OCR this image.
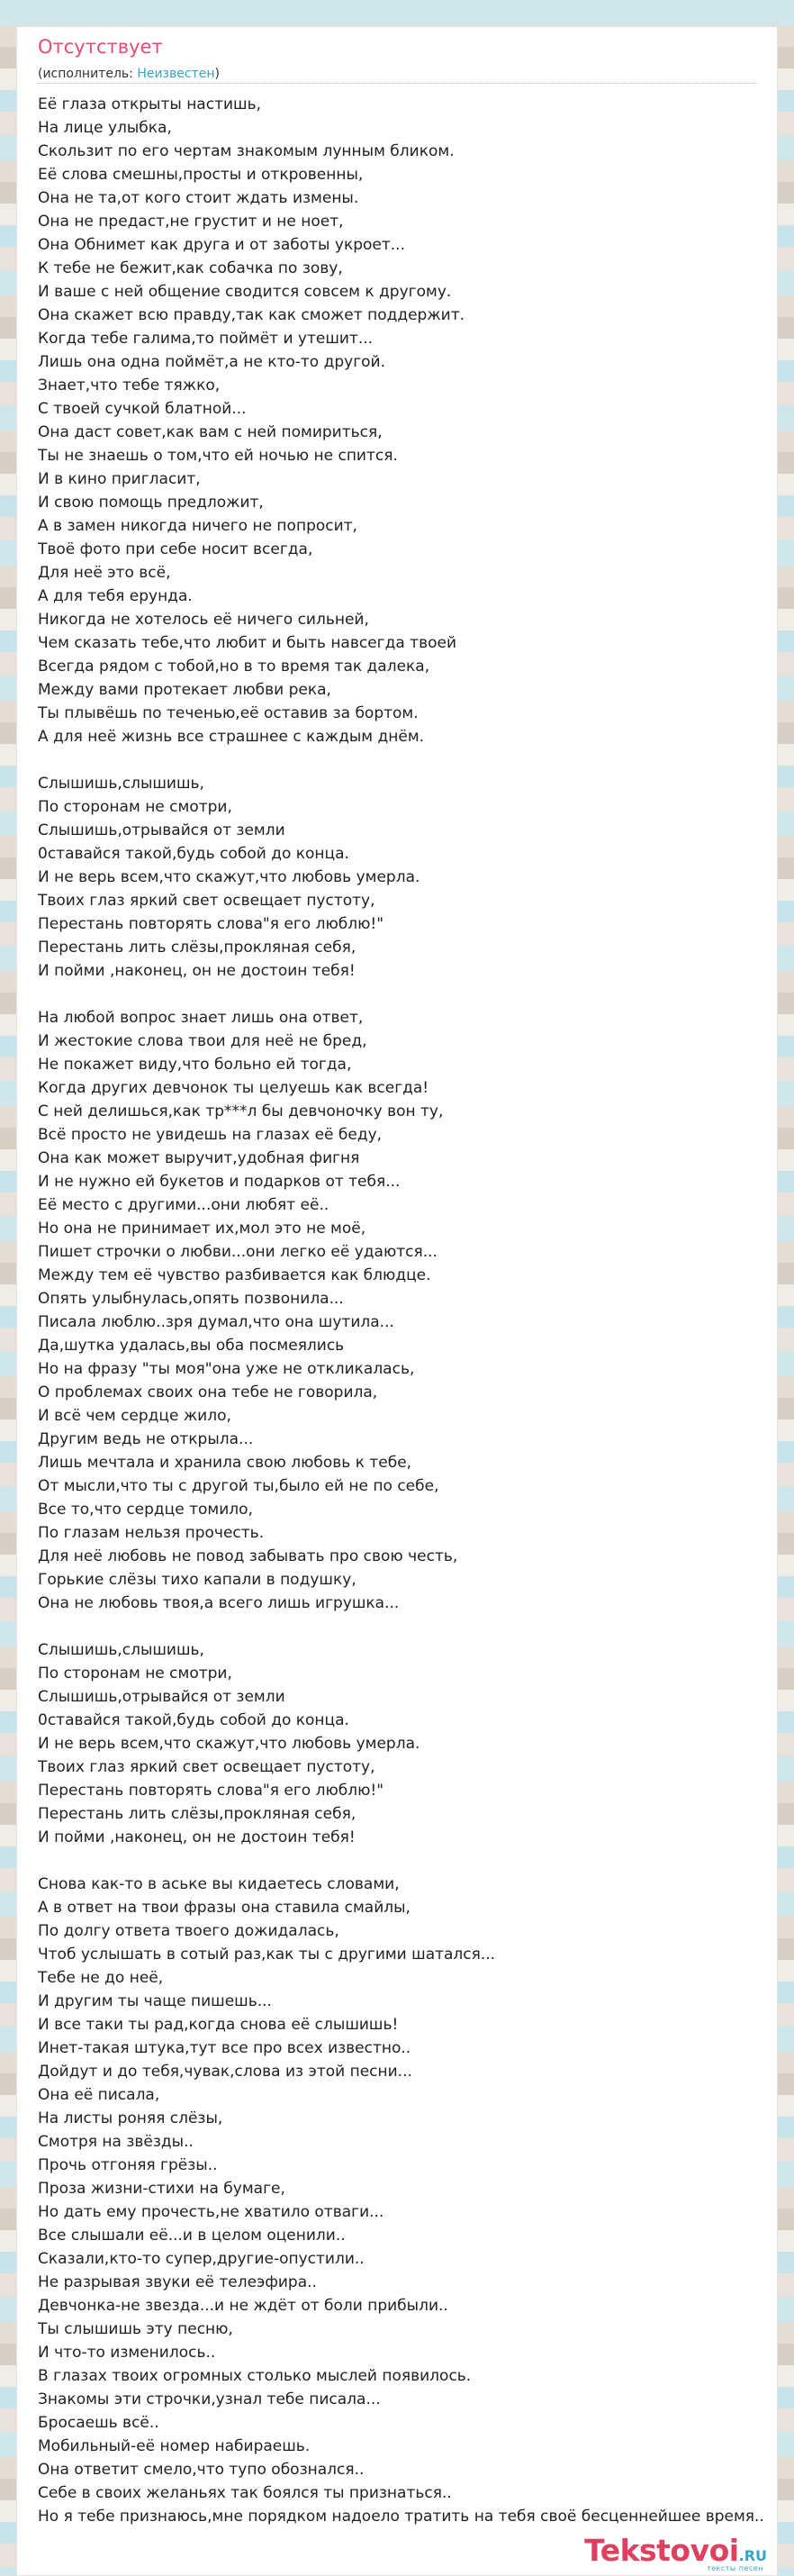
Отсутствует
(исполнитель: Неизвестен)
Её глаза открыты настишь,
На лице улыбка,
Скользит по его чертам знакомым лунным бликом.
Её слова смешны,просты и откровенны,
Она не та,от кого стоит ждать измены.
Она не предаст,не грустит и не ноет,
Она Обнимет как друга и от заботы укроет...
К тебе не бежит,как собачка по зову,
И ваше с ней общение сводится совсем к другому.
Она скажет всю правду,так как сможет поддержит.
Когда тебе галима,то поймёт и утешит...
Лишь она одна поймёт,а не кто-то другой.
Знает,что тебе тяжко,
С твоей сучкой блатной...
Она даст совет,как вам с ней помириться,
Ты не знаешь о том,что ей ночью не спится.
И в кино пригласит,
И свою помощь предложит,
А в замен никогда ничего не попросит,
Твоё фото при себе носит всегда,
Для неё это всё,
А для тебя ерунда.
Никогда не хотелось её ничего сильней,
Чем сказать тебе,что любит и быть навсегда твоей
Всегда рядом с тобой,но в то время так далека,
Между вами протекает любви река,
Ты плывёшь по теченью,её оставив за бортом.
А для неё жизнь все страшнее с каждым днём.
Слышишь,слышишь,
По сторонам не смотри,
Слышишь,отрывайся от земли
0ставайся такой,будь собой до конца.
И не верь всем,что скажут,что любовь умерла.
Твоих глаз яркий свет освещает пустоту,
Перестань повторять слова"я его люблю!"
Перестань лить слёзы,прокляная себя,
И пойми ,наконец, он не достоин тебя!
На любой вопрос знает лишь она ответ,
И жестокие слова твои для неё не бред,
Не покажет виду,что больно ей тогда,
Когда других девчонок ты целуешь как всегда!
С ней делишься,как тр***л бы девчоночку вон ту,
Всё просто не увидешь на глазах её беду,
Она как может выручит,удобная фигня
И не нужно ей букетов и подарков от тебя...
Её место с другими...они любят её..
Но она не принимает их,мол это не моё,
Пишет строчки о любви...они легко её удаются...
Между тем её чувство разбивается как блюдце.
Опять улыбнулась,опять позвонила...
Писала люблю..зря думал,что она шутила...
Да,шутка удалась,вы оба посмеялись
Но на фразу "ты моя"она уже не откликалась,
О проблемах своих она тебе не говорила,
И всё чем сердце жило,
Другим ведь не открыла...
Лишь мечтала и хранила свою любовь к тебе,
От мысли,что ты с другой ты,было ей не по себе,
Все то,что сердце томило,
По глазам нельзя прочесть.
Для неё любовь не повод забывать про свою честь,
Горькие слёзы тихо капали в подушку,
Она не любовь твоя,а всего лишь игрушка...
Слышишь,слышишь,
По сторонам не смотри,
Слышишь,отрывайся от земли
0ставайся такой,будь собой до конца.
И не верь всем,что скажут,что любовь умерла.
Твоих глаз яркий свет освещает пустоту,
Перестань повторять слова"я его люблю!"
Перестань лить слёзы,прокляная себя,
И пойми ,наконец, он не достоин тебя!
Снова как-то в аське вы кидаетесь словами,
А в ответ на твои фразы она ставила смайлы,
По долгу ответа твоего дожидалась,
Чтоб услышать в сотый раз,как ты с другими шатался...
Тебе не до неё,
И другим ты чаще пишешь...
И все таки ты рад,когда снова её слышишь!
Инет-такая штука,тут все про всех известно..
Дойдут и до тебя,чувак,слова из этой песни...
Она её писала,
На листы роняя слёзы,
Смотря на звёзды..
Прочь отгоняя грёзы..
Проза жизни-стихи на бумаге,
Но дать ему прочесть,не хватило отваги...
Все слышали её...и в целом оценили..
Сказали,кто-то супер,другие-опустили..
Не разрывая звуки её телеэфира..
Девчонка-не звезда...и не ждёт от боли прибыли..
Ты слышишь эту песню,
И что-то изменилось..
В глазах твоих огромных столько мыслей появилось.
Знакомы эти строчки,узнал тебе писала...
Бросаешь всё..
Мобильный-её номер набираешь.
Она ответит смело,что тупо обознался..
Себе в своих желаньях так боялся ты признаться..
Но я тебе признаюсь,мне порядком надоело тратить на тебя своё бесценнейшее время..
Tekstovoi.RU
тексты песен
